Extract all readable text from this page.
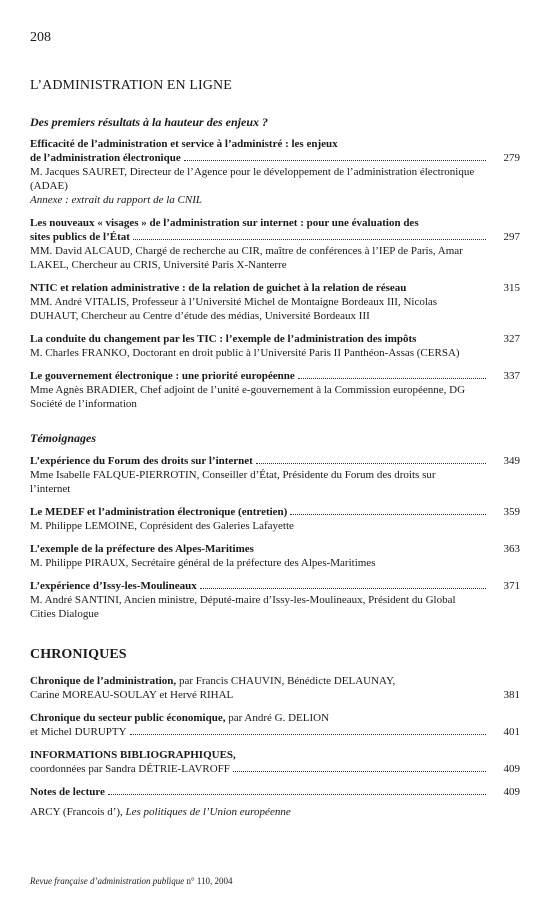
208
L’ADMINISTRATION EN LIGNE
Des premiers résultats à la hauteur des enjeux ?
Efficacité de l’administration et service à l’administré : les enjeux
de l’administration électronique	279
M. Jacques SAURET, Directeur de l’Agence pour le développement de l’administration électronique (ADAE)
Annexe : extrait du rapport de la CNIL
Les nouveaux « visages » de l’administration sur internet : pour une évaluation des
sites publics de l’État	297
MM. David ALCAUD, Chargé de recherche au CIR, maître de conférences à l’IEP de Paris, Amar LAKEL, Chercheur au CRIS, Université Paris X-Nanterre
NTIC et relation administrative : de la relation de guichet à la relation de réseau	315
MM. André VITALIS, Professeur à l’Université Michel de Montaigne Bordeaux III, Nicolas DUHAUT, Chercheur au Centre d’étude des médias, Université Bordeaux III
La conduite du changement par les TIC : l’exemple de l’administration des impôts	327
M. Charles FRANKO, Doctorant en droit public à l’Université Paris II Panthéon-Assas (CERSA)
Le gouvernement électronique : une priorité européenne	337
Mme Agnès BRADIER, Chef adjoint de l’unité e-gouvernement à la Commission européenne, DG Société de l’information
Témoignages
L’expérience du Forum des droits sur l’internet	349
Mme Isabelle FALQUE-PIERROTIN, Conseiller d’État, Présidente du Forum des droits sur l’internet
Le MEDEF et l’administration électronique (entretien)	359
M. Philippe LEMOINE, Coprésident des Galeries Lafayette
L’exemple de la préfecture des Alpes-Maritimes	363
M. Philippe PIRAUX, Secrétaire général de la préfecture des Alpes-Maritimes
L’expérience d’Issy-les-Moulineaux	371
M. André SANTINI, Ancien ministre, Député-maire d’Issy-les-Moulineaux, Président du Global Cities Dialogue
CHRONIQUES
Chronique de l’administration, par Francis CHAUVIN, Bénédicte DELAUNAY,
Carine MOREAU-SOULAY et Hervé RIHAL	381
Chronique du secteur public économique, par André G. DELION
et Michel DURUPTY	401
INFORMATIONS BIBLIOGRAPHIQUES,
coordonnées par Sandra DÉTRIE-LAVROFF	409
Notes de lecture	409
ARCY (Francois d’), Les politiques de l’Union européenne
Revue française d’administration publique n° 110, 2004
